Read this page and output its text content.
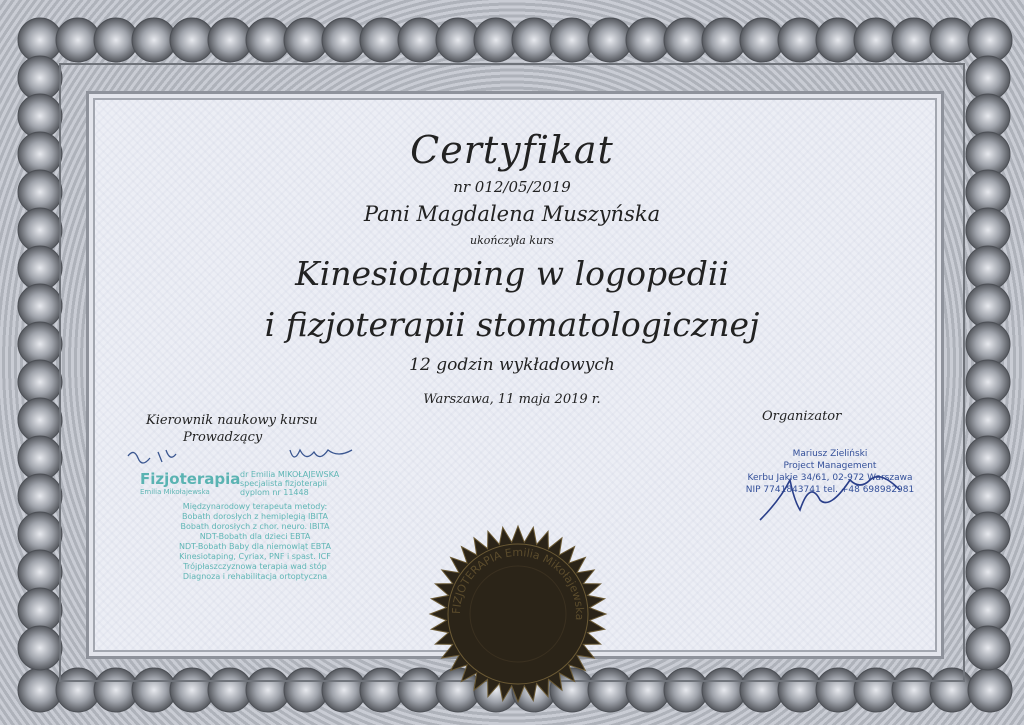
Certyfikat
nr 012/05/2019
Pani Magdalena Muszyńska
ukończyła kurs
Kinesiotaping w logopedii
i fizjoterapii stomatologicznej
12 godzin wykładowych
Warszawa, 11 maja 2019 r.
Kierownik naukowy kursu
Prowadzący
Organizator
Fizjoterapia
Emilia Mikołajewska
dr Emilia MIKOŁAJEWSKA
specjalista fizjoterapii
dyplom nr 11448
Międzynarodowy terapeuta metody:
Bobath dorosłych z hemiplegią IBITA
Bobath dorosłych z chor. neuro. IBITA
NDT-Bobath dla dzieci EBTA
NDT-Bobath Baby dla niemowląt EBTA
Kinesiotaping, Cyriax, PNF i spast. ICF
Trójpłaszczyznowa terapia wad stóp
Diagnoza i rehabilitacja ortoptyczna
Mariusz Zieliński
Project Management
Kerbu Jakie 34/61, 02-972 Warszawa
NIP 7741843741 tel. +48 698982981
FIZJOTERAPIA Emilia Mikołajewska
